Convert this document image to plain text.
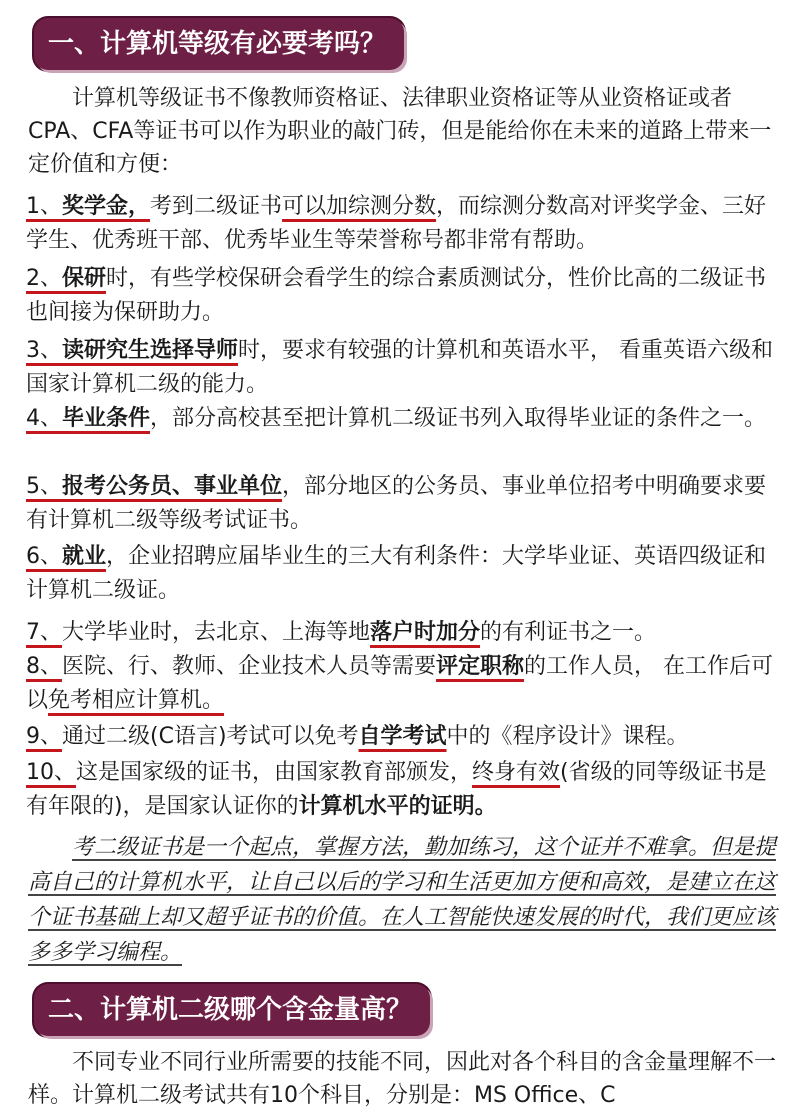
一、计算机等级有必要考吗？

计算机等级证书不像教师资格证、法律职业资格证等从业资格证或者CPA、CFA等证书可以作为职业的敲门砖，但是能给你在未来的道路上带来一定价值和方便：

1、奖学金，考到二级证书可以加综测分数，而综测分数高对评奖学金、三好学生、优秀班干部、优秀毕业生等荣誉称号都非常有帮助。

2、保研时，有些学校保研会看学生的综合素质测试分，性价比高的二级证书也间接为保研助力。

3、读研究生选择导师时，要求有较强的计算机和英语水平， 看重英语六级和国家计算机二级的能力。

4、毕业条件，部分高校甚至把计算机二级证书列入取得毕业证的条件之一。

5、报考公务员、事业单位，部分地区的公务员、事业单位招考中明确要求要有计算机二级等级考试证书。

6、就业，企业招聘应届毕业生的三大有利条件：大学毕业证、英语四级证和计算机二级证。

7、大学毕业时，去北京、上海等地落户时加分的有利证书之一。

8、医院、行、教师、企业技术人员等需要评定职称的工作人员， 在工作后可以免考相应计算机。

9、通过二级(C语言)考试可以免考自学考试中的《程序设计》课程。

10、这是国家级的证书，由国家教育部颁发，终身有效(省级的同等级证书是有年限的)，是国家认证你的计算机水平的证明。

考二级证书是一个起点，掌握方法，勤加练习，这个证并不难拿。但是提高自己的计算机水平，让自己以后的学习和生活更加方便和高效，是建立在这个证书基础上却又超乎证书的价值。在人工智能快速发展的时代，我们更应该多多学习编程。

二、计算机二级哪个含金量高？

不同专业不同行业所需要的技能不同，因此对各个科目的含金量理解不一样。计算机二级考试共有10个科目，分别是：MS Office、C
